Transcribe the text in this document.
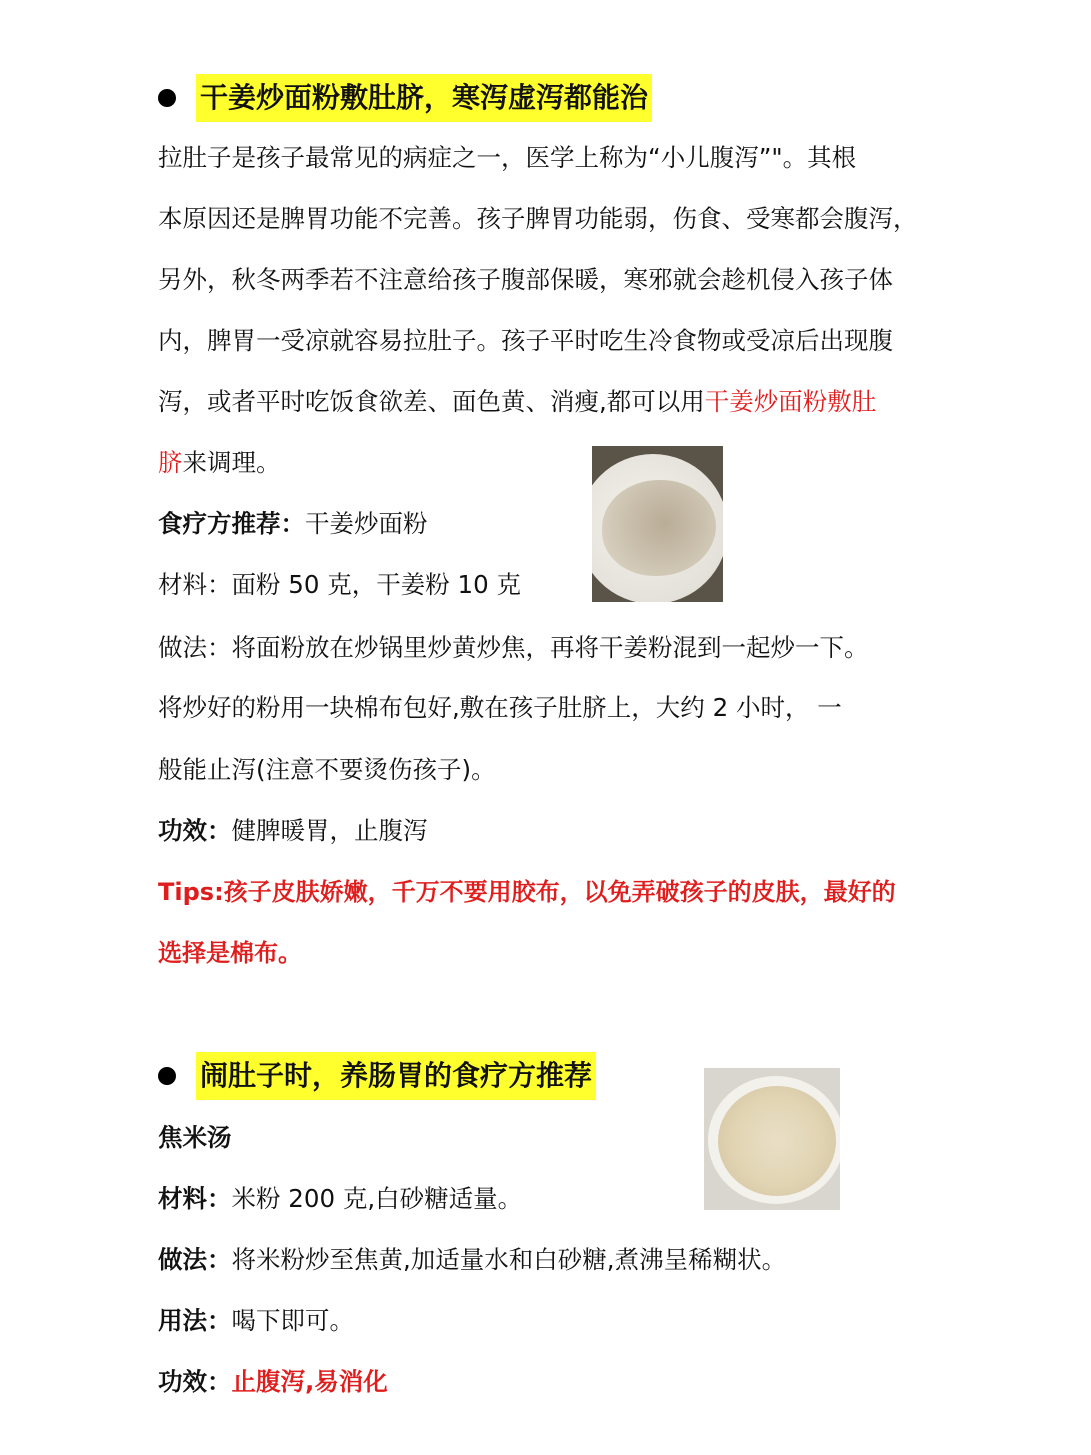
干姜炒面粉敷肚脐，寒泻虚泻都能治
拉肚子是孩子最常见的病症之一，医学上称为“小儿腹泻”"。其根
本原因还是脾胃功能不完善。孩子脾胃功能弱，伤食、受寒都会腹泻，
另外，秋冬两季若不注意给孩子腹部保暖，寒邪就会趁机侵入孩子体
内，脾胃一受凉就容易拉肚子。孩子平时吃生冷食物或受凉后出现腹
泻，或者平时吃饭食欲差、面色黄、消瘦,都可以用干姜炒面粉敷肚
脐来调理。
食疗方推荐：干姜炒面粉
材料：面粉 50 克，干姜粉 10 克
做法：将面粉放在炒锅里炒黄炒焦，再将干姜粉混到一起炒一下。
将炒好的粉用一块棉布包好,敷在孩子肚脐上，大约 2 小时， 一
般能止泻(注意不要烫伤孩子)。
功效：健脾暖胃，止腹泻
Tips:孩子皮肤娇嫩，千万不要用胶布，以免弄破孩子的皮肤，最好的
选择是棉布。
闹肚子时，养肠胃的食疗方推荐
焦米汤
材料：米粉 200 克,白砂糖适量。
做法：将米粉炒至焦黄,加适量水和白砂糖,煮沸呈稀糊状。
用法：喝下即可。
功效：止腹泻,易消化
